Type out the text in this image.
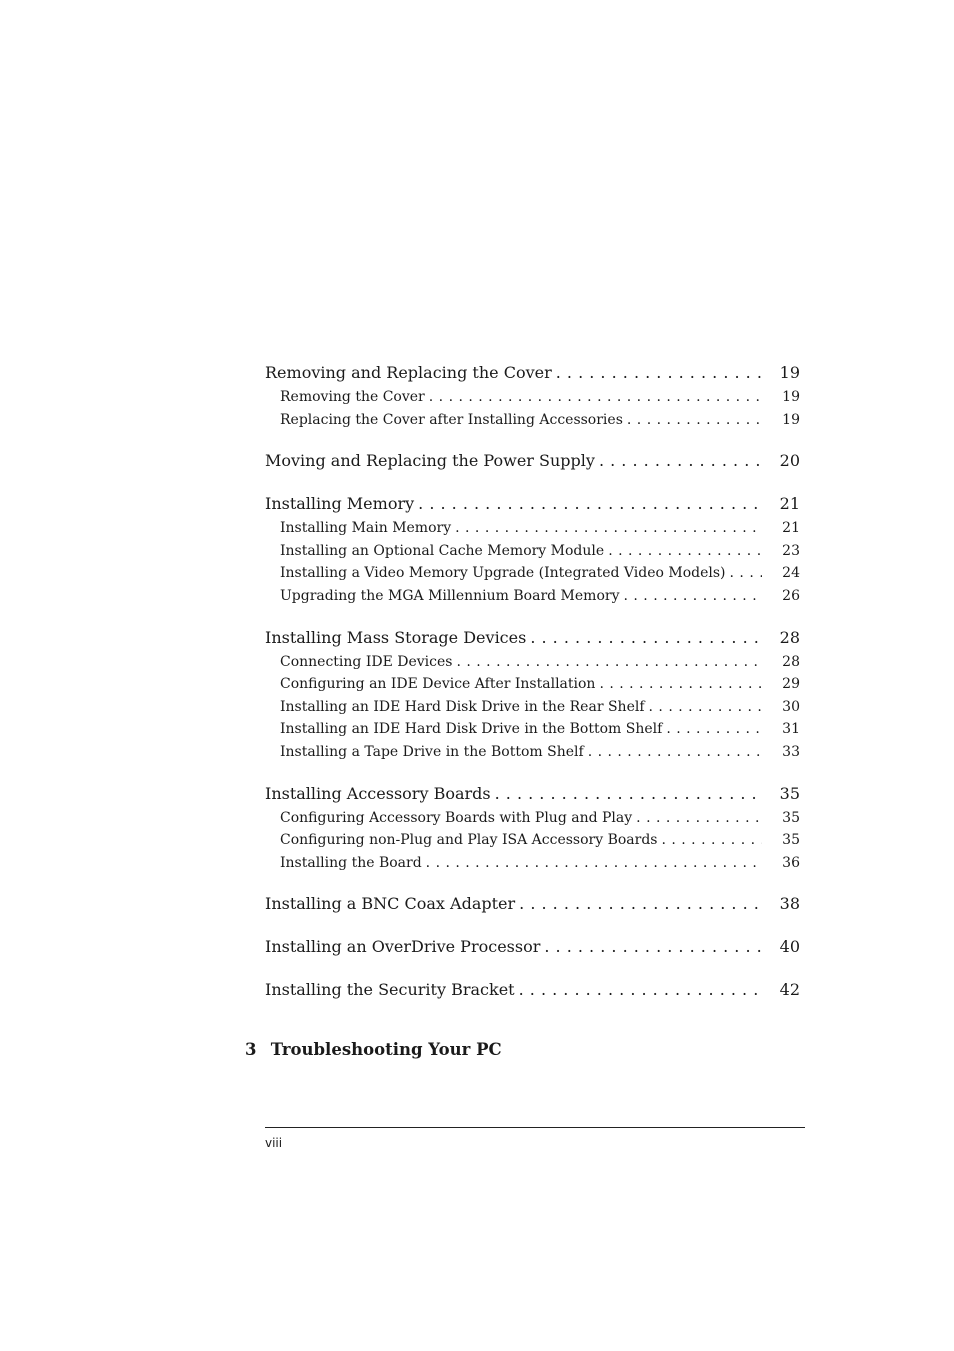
Removing and Replacing the Cover . . .	19
Removing the Cover . . .	19
Replacing the Cover after Installing Accessories . . .	19
Moving and Replacing the Power Supply . . .	20
Installing Memory . . .	21
Installing Main Memory . . .	21
Installing an Optional Cache Memory Module . . .	23
Installing a Video Memory Upgrade (Integrated Video Models) . . .	24
Upgrading the MGA Millennium Board Memory . . .	26
Installing Mass Storage Devices . . .	28
Connecting IDE Devices . . .	28
Configuring an IDE Device After Installation . . .	29
Installing an IDE Hard Disk Drive in the Rear Shelf . . .	30
Installing an IDE Hard Disk Drive in the Bottom Shelf . . .	31
Installing a Tape Drive in the Bottom Shelf . . .	33
Installing Accessory Boards . . .	35
Configuring Accessory Boards with Plug and Play . . .	35
Configuring non-Plug and Play ISA Accessory Boards . . .	35
Installing the Board . . .	36
Installing a BNC Coax Adapter . . .	38
Installing an OverDrive Processor . . .	40
Installing the Security Bracket . . .	42
3 Troubleshooting Your PC
viii
